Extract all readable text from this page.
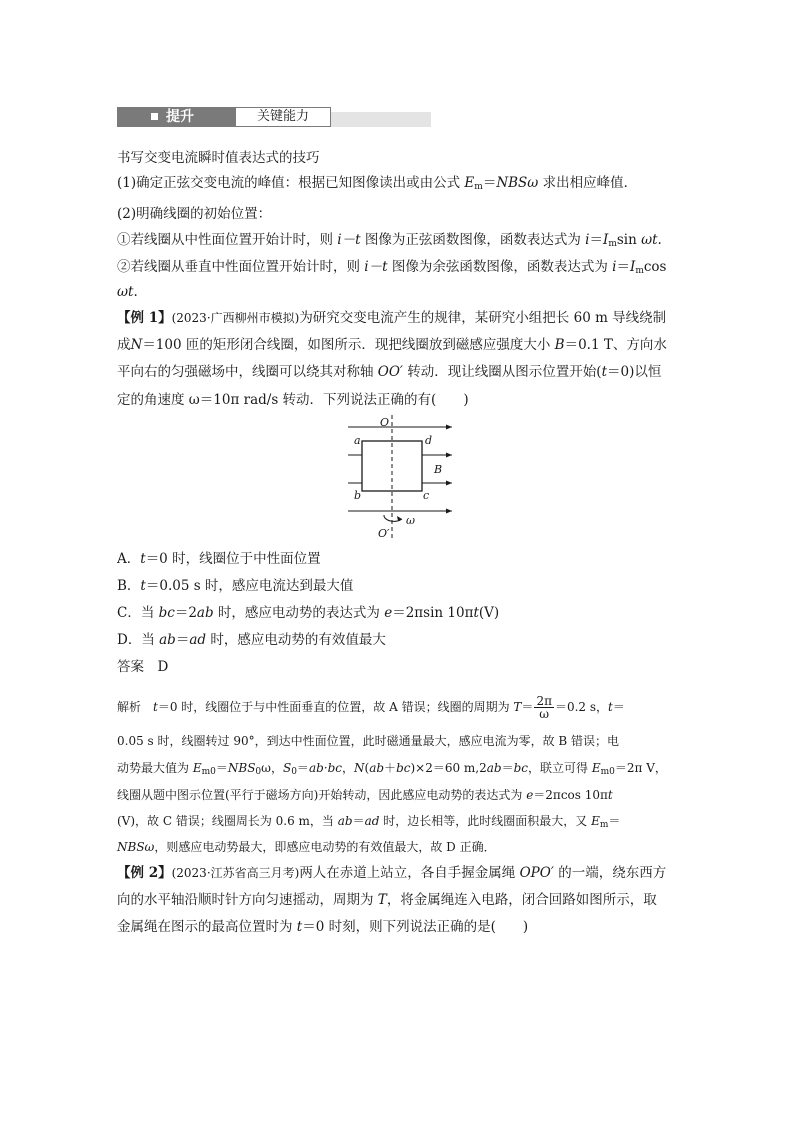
提升	关键能力
书写交变电流瞬时值表达式的技巧
(1)确定正弦交变电流的峰值：根据已知图像读出或由公式 $E_m=NBS\omega$ 求出相应峰值．
(2)明确线圈的初始位置：
①若线圈从中性面位置开始计时，则 i－t 图像为正弦函数图像，函数表达式为 $i=I_m\sin$ ωt.
②若线圈从垂直中性面位置开始计时，则 i－t 图像为余弦函数图像，函数表达式为 $i=I_m\cos$
ωt.
【例 1】(2023·广西柳州市模拟)为研究交变电流产生的规律，某研究小组把长 60 m 导线绕制
成N＝100 匝的矩形闭合线圈，如图所示．现把线圈放到磁感应强度大小 B＝0.1 T、方向水
平向右的匀强磁场中，线圈可以绕其对称轴 OO′ 转动．现让线圈从图示位置开始(t＝0)以恒
定的角速度 ω＝10π rad/s 转动．下列说法正确的有(　　)
O
a	d
B
b	c
ω
O′
A．t＝0 时，线圈位于中性面位置
B．t＝0.05 s 时，感应电流达到最大值
C．当 bc＝2ab 时，感应电动势的表达式为 e＝2πsin 10πt(V)
D．当 ab＝ad 时，感应电动势的有效值最大
答案　D
解析　t＝0 时，线圈位于与中性面垂直的位置，故 A 错误；线圈的周期为 $T= \frac{2\pi}{\omega} =0.2$ s，t＝
0.05 s 时，线圈转过 90°，到达中性面位置，此时磁通量最大，感应电流为零，故 B 错误；电
动势最大值为 $E_{m0}=NBS_0\omega$，$S_0=ab\cdot bc$，N(ab＋bc)×2＝60 m,2ab＝bc，联立可得 $E_{m0}=2\pi$ V，
线圈从题中图示位置(平行于磁场方向)开始转动，因此感应电动势的表达式为 e＝2πcos 10πt
(V)，故 C 错误；线圈周长为 0.6 m，当 ab＝ad 时，边长相等，此时线圈面积最大，又 $E_m=$
NBSω，则感应电动势最大，即感应电动势的有效值最大，故 D 正确．
【例 2】(2023·江苏省高三月考)两人在赤道上站立，各自手握金属绳 OPO′ 的一端，绕东西方
向的水平轴沿顺时针方向匀速摇动，周期为 T，将金属绳连入电路，闭合回路如图所示，取
金属绳在图示的最高位置时为 t＝0 时刻，则下列说法正确的是(　　)
